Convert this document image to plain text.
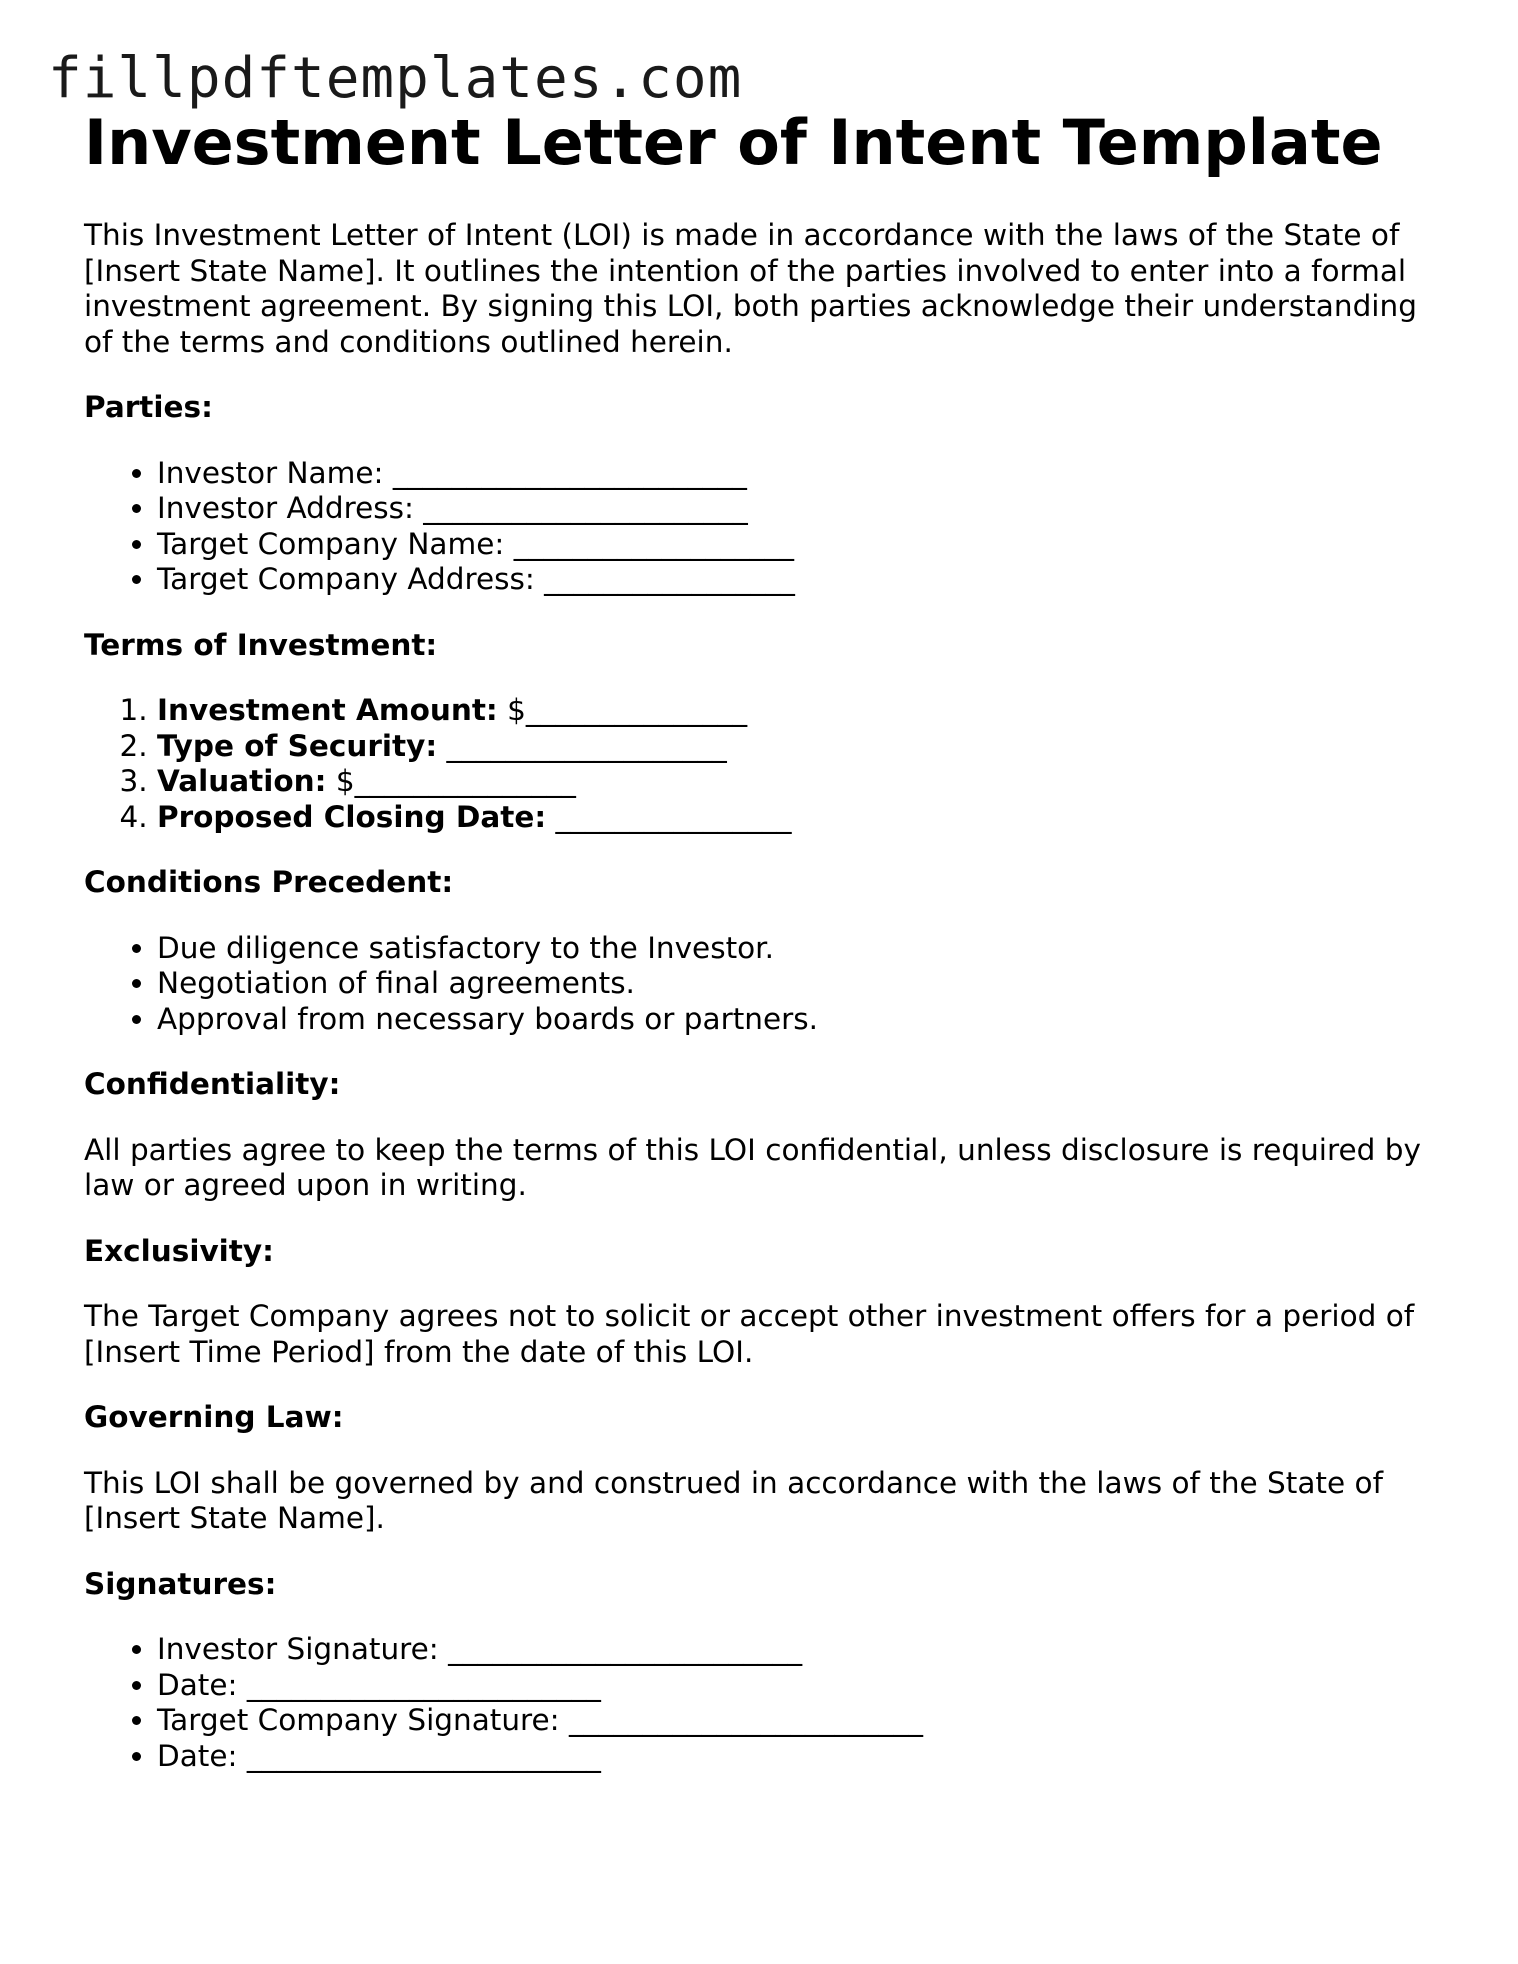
fillpdftemplates.com
Investment Letter of Intent Template

This Investment Letter of Intent (LOI) is made in accordance with the laws of the State of [Insert State Name]. It outlines the intention of the parties involved to enter into a formal investment agreement. By signing this LOI, both parties acknowledge their understanding of the terms and conditions outlined herein.

Parties:
• Investor Name: ________________________
• Investor Address: ______________________
• Target Company Name: ___________________
• Target Company Address: _________________
Terms of Investment:
1. Investment Amount: $_______________
2. Type of Security: ___________________
3. Valuation: $_______________
4. Proposed Closing Date: ________________
Conditions Precedent:
• Due diligence satisfactory to the Investor.
• Negotiation of final agreements.
• Approval from necessary boards or partners.
Confidentiality:

All parties agree to keep the terms of this LOI confidential, unless disclosure is required by law or agreed upon in writing.

Exclusivity:

The Target Company agrees not to solicit or accept other investment offers for a period of [Insert Time Period] from the date of this LOI.

Governing Law:

This LOI shall be governed by and construed in accordance with the laws of the State of [Insert State Name].

Signatures:
• Investor Signature: ________________________
• Date: ________________________
• Target Company Signature: ________________________
• Date: ________________________
